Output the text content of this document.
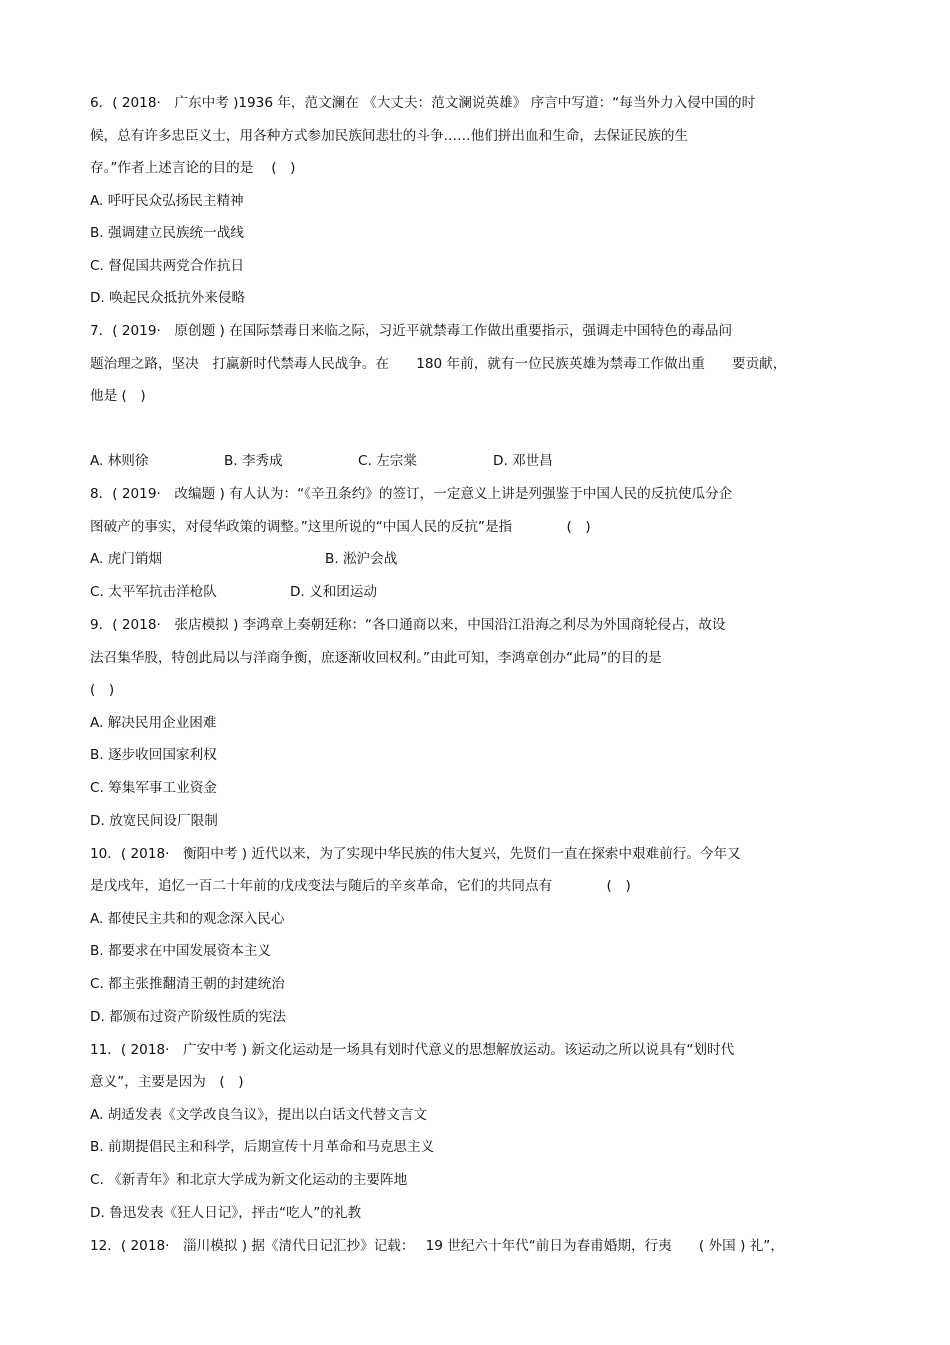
6．( 2018·　广东中考 )1936 年，范文澜在 《大丈夫：范文澜说英雄》 序言中写道：“每当外力入侵中国的时
候，总有许多忠臣义士，用各种方式参加民族间悲壮的斗争……他们拼出血和生命，去保证民族的生
存。”作者上述言论的目的是　 (　)
A. 呼吁民众弘扬民主精神
B. 强调建立民族统一战线
C. 督促国共两党合作抗日
D. 唤起民众抵抗外来侵略
7．( 2019·　原创题 ) 在国际禁毒日来临之际，习近平就禁毒工作做出重要指示，强调走中国特色的毒品问
题治理之路，坚决　打赢新时代禁毒人民战争。在　　180 年前，就有一位民族英雄为禁毒工作做出重　　要贡献，
他是 (　)
A. 林则徐	B. 李秀成	C. 左宗棠	D. 邓世昌
8．( 2019·　改编题 ) 有人认为：“《辛丑条约》的签订，一定意义上讲是列强鉴于中国人民的反抗使瓜分企
图破产的事实，对侵华政策的调整。”这里所说的“中国人民的反抗”是指　　　　(　)
A. 虎门销烟	B. 淞沪会战
C. 太平军抗击洋枪队	D. 义和团运动
9．( 2018·　张店模拟 ) 李鸿章上奏朝廷称：“各口通商以来，中国沿江沿海之利尽为外国商轮侵占，故设
法召集华股，特创此局以与洋商争衡，庶逐渐收回权利。”由此可知，李鸿章创办“此局”的目的是
(　)
A. 解决民用企业困难
B. 逐步收回国家利权
C. 筹集军事工业资金
D. 放宽民间设厂限制
10．( 2018·　衡阳中考 ) 近代以来，为了实现中华民族的伟大复兴，先贤们一直在探索中艰难前行。今年又
是戊戌年，追忆一百二十年前的戊戌变法与随后的辛亥革命，它们的共同点有　　　　(　)
A. 都使民主共和的观念深入民心
B. 都要求在中国发展资本主义
C. 都主张推翻清王朝的封建统治
D. 都颁布过资产阶级性质的宪法
11．( 2018·　广安中考 ) 新文化运动是一场具有划时代意义的思想解放运动。该运动之所以说具有“划时代
意义”，主要是因为　(　)
A. 胡适发表《文学改良刍议》，提出以白话文代替文言文
B. 前期提倡民主和科学，后期宣传十月革命和马克思主义
C. 《新青年》和北京大学成为新文化运动的主要阵地
D. 鲁迅发表《狂人日记》，抨击“吃人”的礼教
12．( 2018·　淄川模拟 ) 据《清代日记汇抄》记载：　 19 世纪六十年代“前日为春甫婚期，行夷　　( 外国 ) 礼”，
